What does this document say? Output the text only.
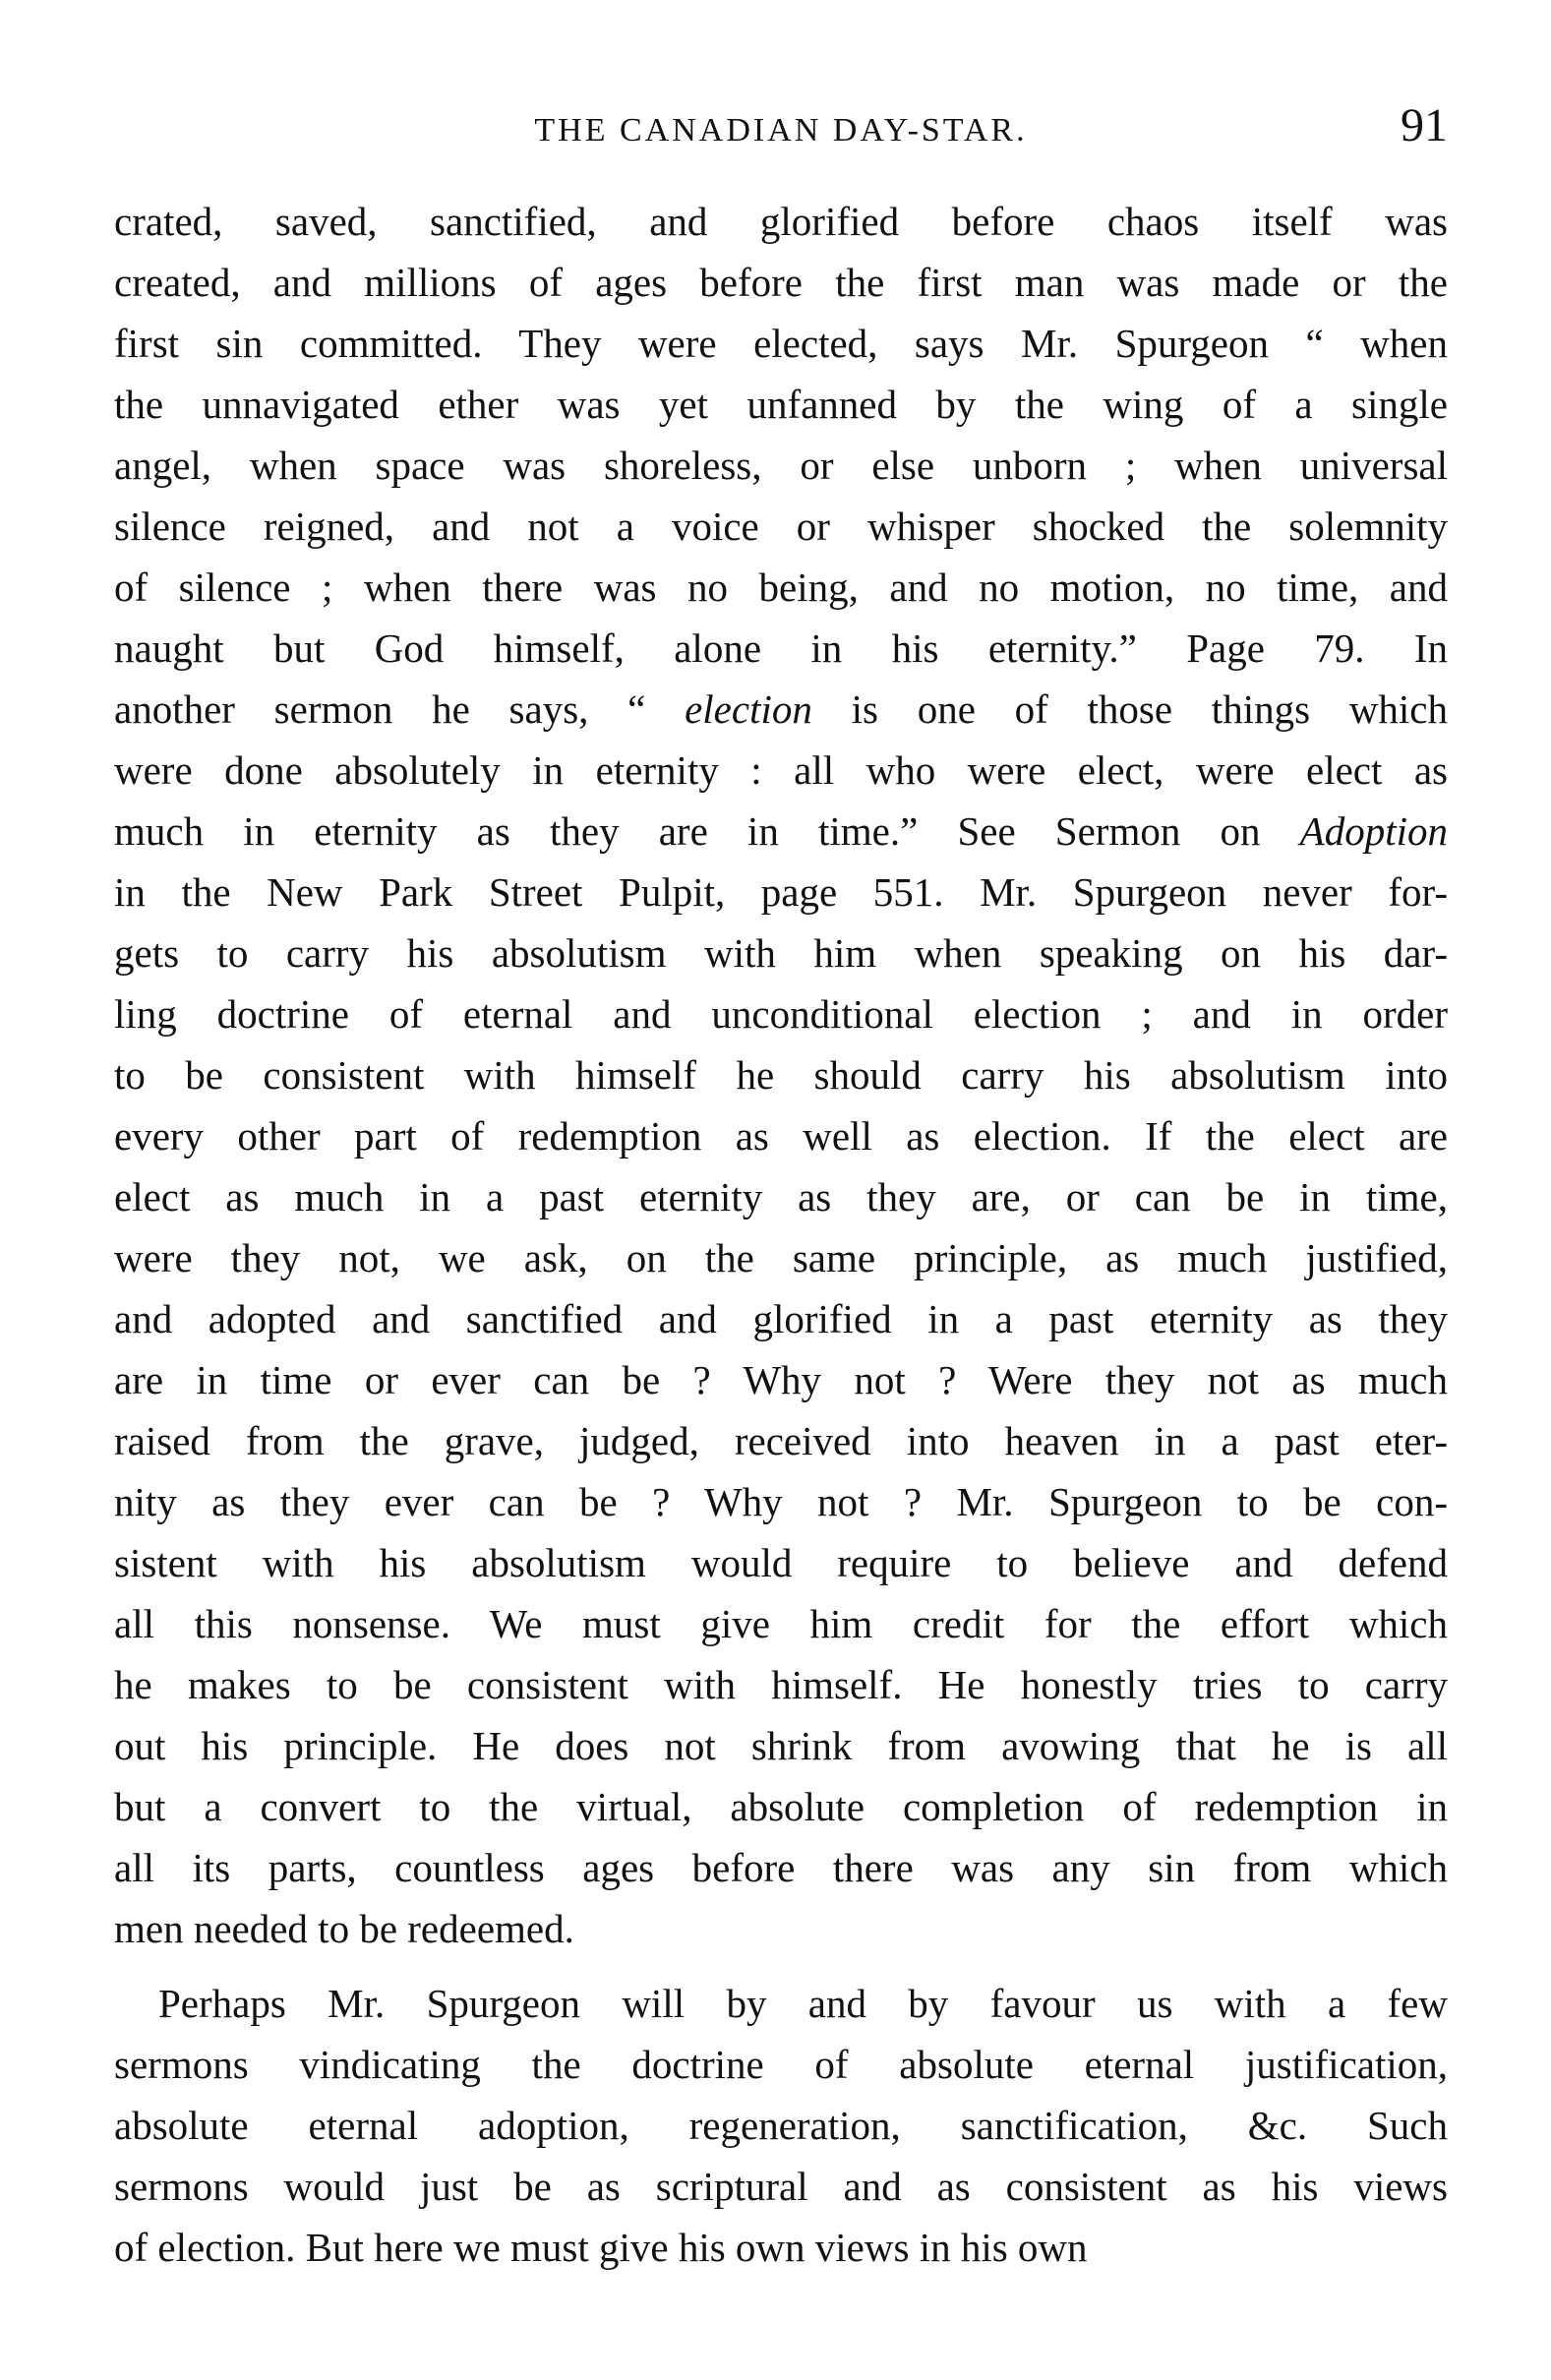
THE CANADIAN DAY-STAR.	91
crated, saved, sanctified, and glorified before chaos itself was
created, and millions of ages before the first man was made or the
first sin committed. They were elected, says Mr. Spurgeon “ when
the unnavigated ether was yet unfanned by the wing of a single
angel, when space was shoreless, or else unborn ; when universal
silence reigned, and not a voice or whisper shocked the solemnity
of silence ; when there was no being, and no motion, no time, and
naught but God himself, alone in his eternity.” Page 79. In
another sermon he says, “ election is one of those things which
were done absolutely in eternity : all who were elect, were elect as
much in eternity as they are in time.” See Sermon on Adoption
in the New Park Street Pulpit, page 551. Mr. Spurgeon never for-
gets to carry his absolutism with him when speaking on his dar-
ling doctrine of eternal and unconditional election ; and in order
to be consistent with himself he should carry his absolutism into
every other part of redemption as well as election. If the elect are
elect as much in a past eternity as they are, or can be in time,
were they not, we ask, on the same principle, as much justified,
and adopted and sanctified and glorified in a past eternity as they
are in time or ever can be ? Why not ? Were they not as much
raised from the grave, judged, received into heaven in a past eter-
nity as they ever can be ? Why not ? Mr. Spurgeon to be con-
sistent with his absolutism would require to believe and defend
all this nonsense. We must give him credit for the effort which
he makes to be consistent with himself. He honestly tries to carry
out his principle. He does not shrink from avowing that he is all
but a convert to the virtual, absolute completion of redemption in
all its parts, countless ages before there was any sin from which
men needed to be redeemed.
Perhaps Mr. Spurgeon will by and by favour us with a few
sermons vindicating the doctrine of absolute eternal justification,
absolute eternal adoption, regeneration, sanctification, &c. Such
sermons would just be as scriptural and as consistent as his views
of election. But here we must give his own views in his own
